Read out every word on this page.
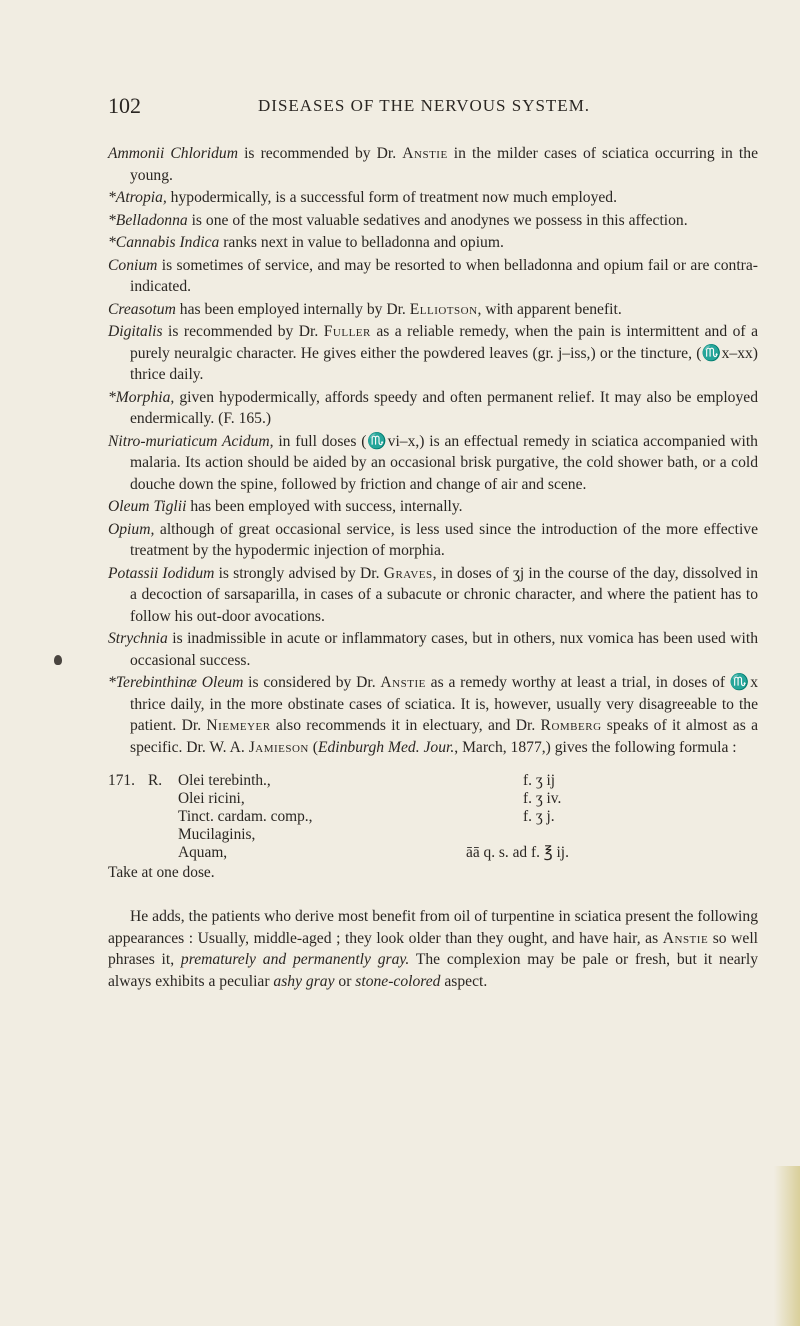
102	DISEASES OF THE NERVOUS SYSTEM.

Ammonii Chloridum is recommended by Dr. Anstie in the milder cases of sciatica occurring in the young.

*Atropia, hypodermically, is a successful form of treatment now much employed.

*Belladonna is one of the most valuable sedatives and anodynes we possess in this affection.

*Cannabis Indica ranks next in value to belladonna and opium.

Conium is sometimes of service, and may be resorted to when belladonna and opium fail or are contra-indicated.

Creasotum has been employed internally by Dr. Elliotson, with apparent benefit.

Digitalis is recommended by Dr. Fuller as a reliable remedy, when the pain is intermittent and of a purely neuralgic character. He gives either the powdered leaves (gr. j–iss,) or the tincture, (♏x–xx) thrice daily.

*Morphia, given hypodermically, affords speedy and often permanent relief. It may also be employed endermically. (F. 165.)

Nitro-muriaticum Acidum, in full doses (♏vi–x,) is an effectual remedy in sciatica accompanied with malaria. Its action should be aided by an occasional brisk purgative, the cold shower bath, or a cold douche down the spine, followed by friction and change of air and scene.

Oleum Tiglii has been employed with success, internally.

Opium, although of great occasional service, is less used since the introduction of the more effective treatment by the hypodermic injection of morphia.

Potassii Iodidum is strongly advised by Dr. Graves, in doses of ʒj in the course of the day, dissolved in a decoction of sarsaparilla, in cases of a subacute or chronic character, and where the patient has to follow his out-door avocations.

Strychnia is inadmissible in acute or inflammatory cases, but in others, nux vomica has been used with occasional success.

*Terebinthinæ Oleum is considered by Dr. Anstie as a remedy worthy at least a trial, in doses of ♏x thrice daily, in the more obstinate cases of sciatica. It is, however, usually very disagreeable to the patient. Dr. Niemeyer also recommends it in electuary, and Dr. Romberg speaks of it almost as a specific. Dr. W. A. Jamieson (Edinburgh Med. Jour., March, 1877,) gives the following formula :

171. R. Olei terebinth.,
Olei ricini,
Tinct. cardam. comp.,
Mucilaginis,
Aquam,
f. ʒ ij
f. ʒ iv.
f. ʒ j.
āā q. s. ad f. ℥ ij.
Take at one dose.

He adds, the patients who derive most benefit from oil of turpentine in sciatica present the following appearances : Usually, middle-aged ; they look older than they ought, and have hair, as Anstie so well phrases it, prematurely and permanently gray. The complexion may be pale or fresh, but it nearly always exhibits a peculiar ashy gray or stone-colored aspect.
